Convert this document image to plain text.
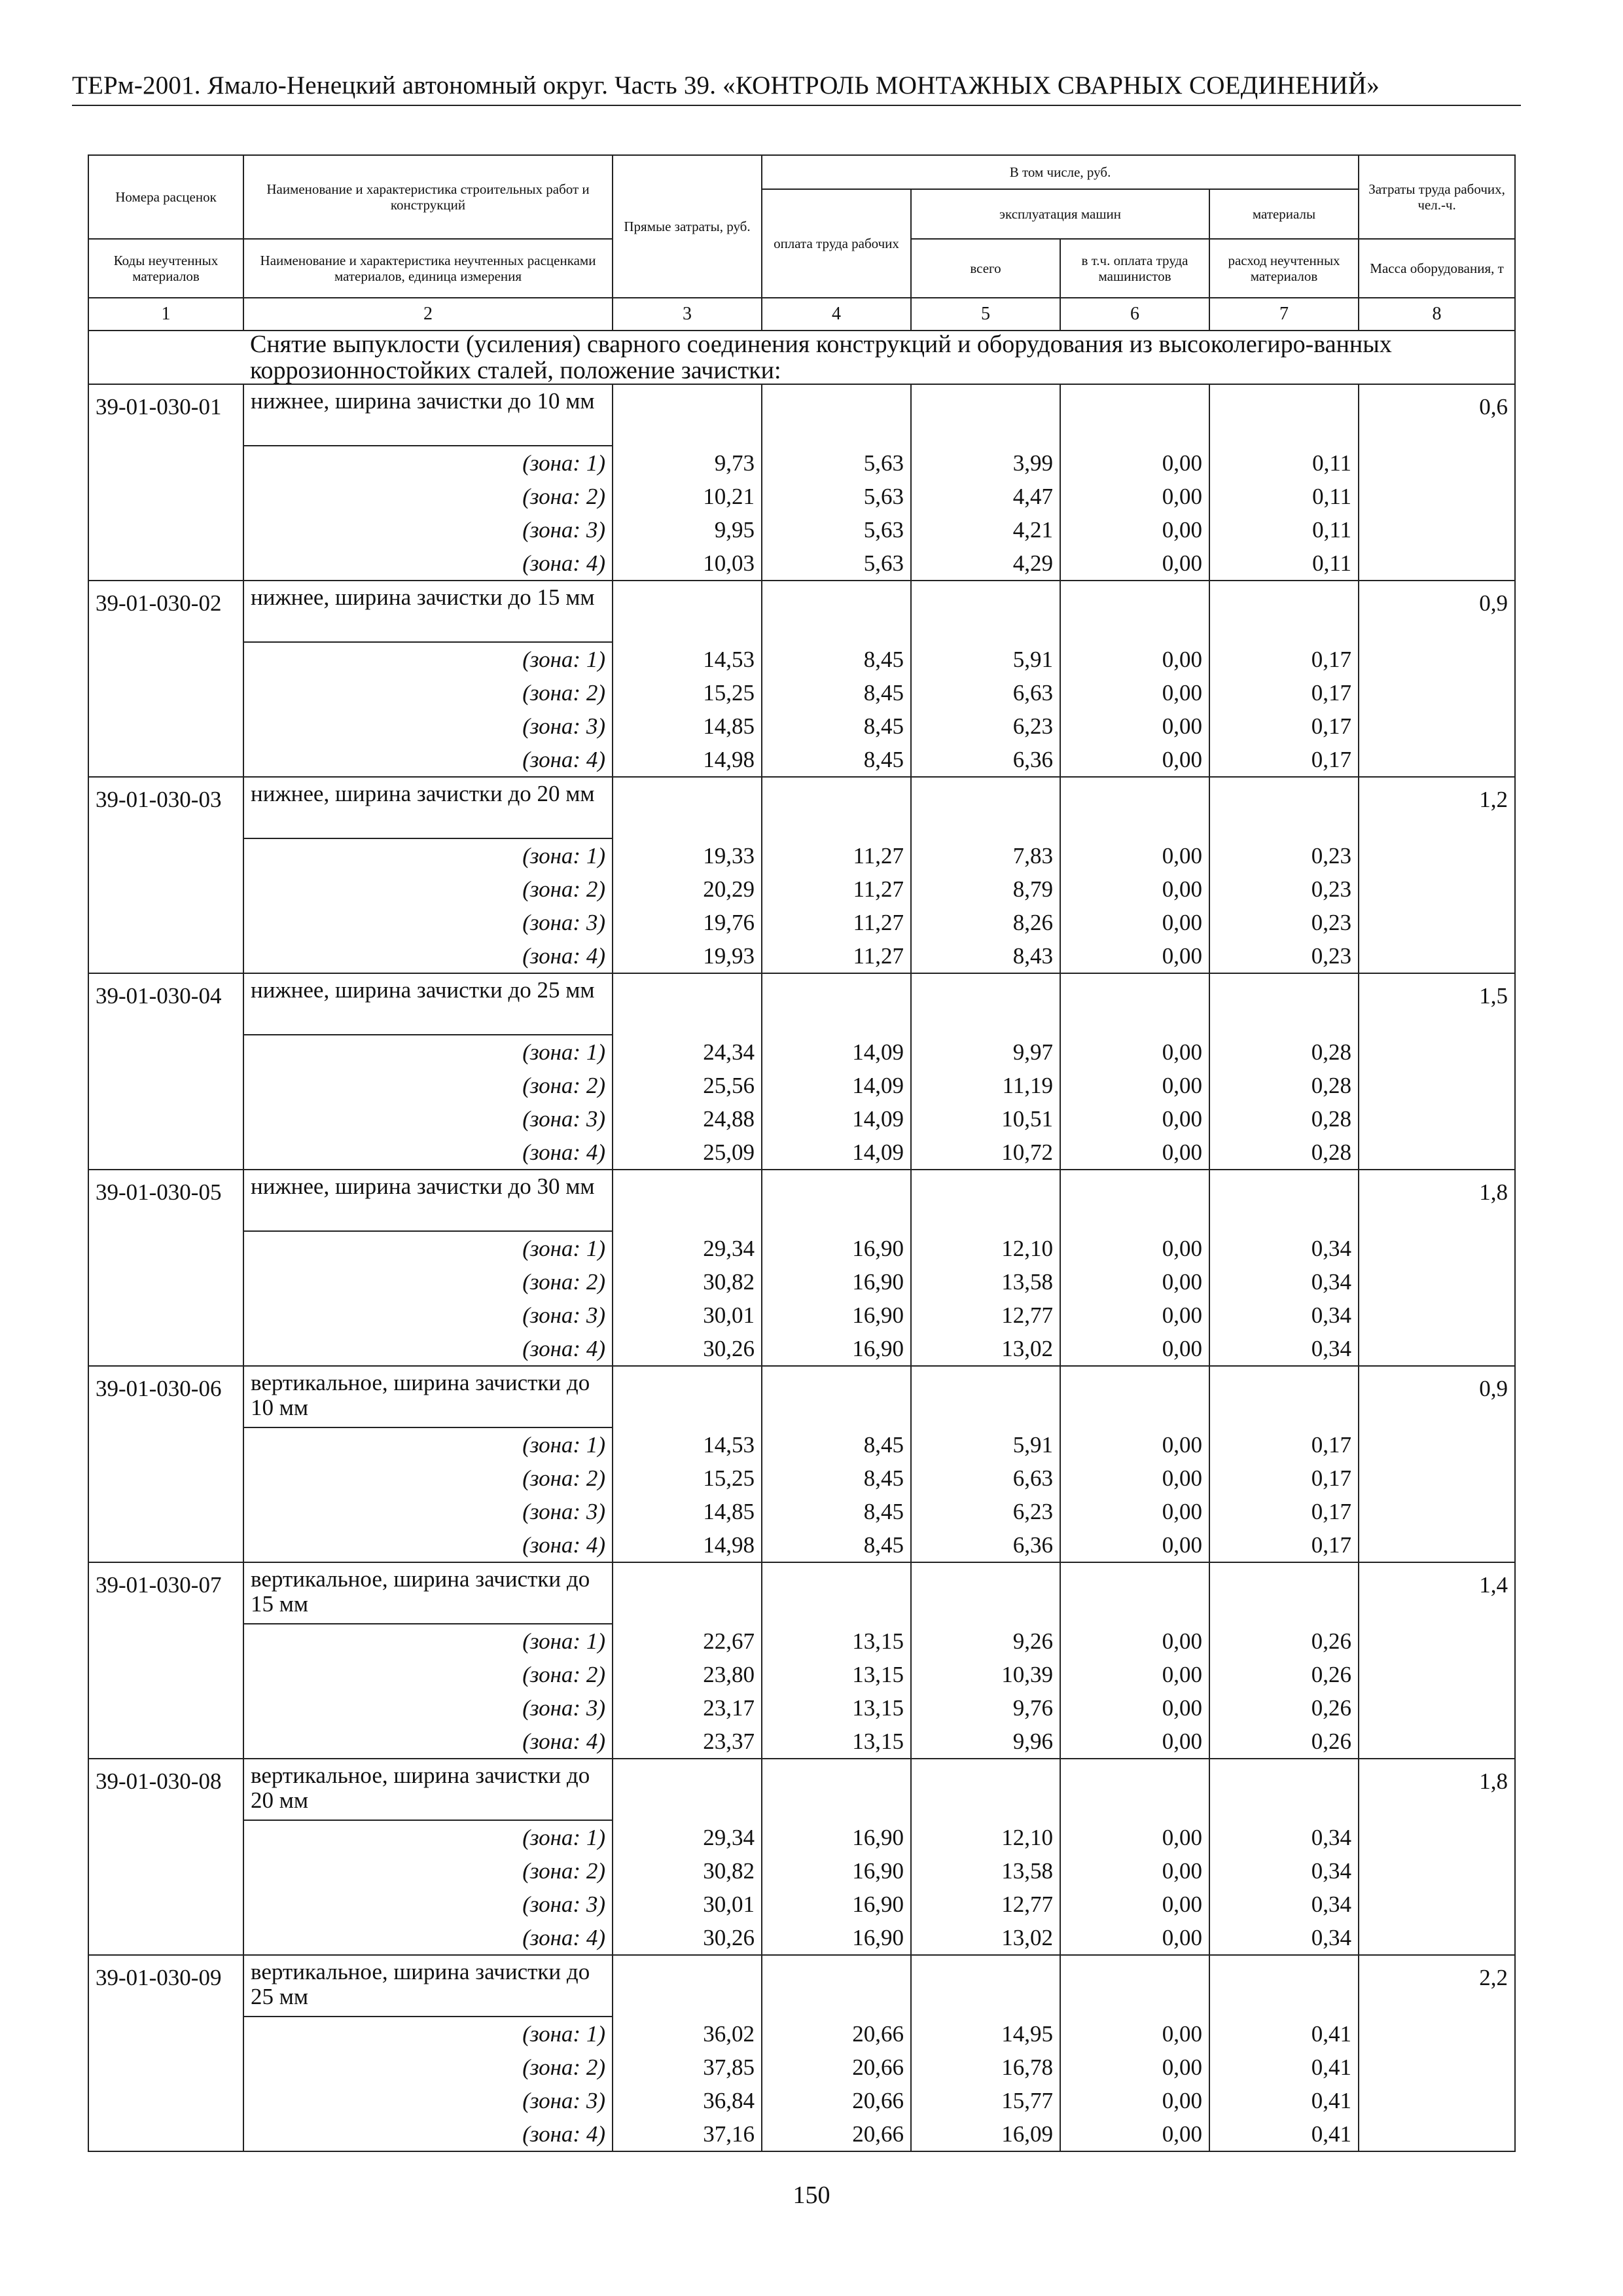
ТЕРм-2001. Ямало-Ненецкий автономный округ. Часть 39. «КОНТРОЛЬ МОНТАЖНЫХ СВАРНЫХ СОЕДИНЕНИЙ»
Номера расценок	Наименование и характеристика строительных работ и конструкций	Прямые затраты, руб.	В том числе, руб.				Затраты труда рабочих, чел.-ч.
			оплата труда рабочих	эксплуатация машин		материалы	
Коды неучтенных материалов	Наименование и характеристика неучтенных расценками материалов, единица измерения			всего	в т.ч. оплата труда машинистов	расход неучтенных материалов	Масса оборудования, т
1	2	3	4	5	6	7	8
	Снятие выпуклости (усиления) сварного соединения конструкций и оборудования из высоколегиро-ванных коррозионностойких сталей, положение зачистки:						
39-01-030-01	нижнее, ширина зачистки до 10 мм						0,6
	(зона: 1)	9,73	5,63	3,99	0,00	0,11	
	(зона: 2)	10,21	5,63	4,47	0,00	0,11	
	(зона: 3)	9,95	5,63	4,21	0,00	0,11	
	(зона: 4)	10,03	5,63	4,29	0,00	0,11	
39-01-030-02	нижнее, ширина зачистки до 15 мм						0,9
	(зона: 1)	14,53	8,45	5,91	0,00	0,17	
	(зона: 2)	15,25	8,45	6,63	0,00	0,17	
	(зона: 3)	14,85	8,45	6,23	0,00	0,17	
	(зона: 4)	14,98	8,45	6,36	0,00	0,17	
39-01-030-03	нижнее, ширина зачистки до 20 мм						1,2
	(зона: 1)	19,33	11,27	7,83	0,00	0,23	
	(зона: 2)	20,29	11,27	8,79	0,00	0,23	
	(зона: 3)	19,76	11,27	8,26	0,00	0,23	
	(зона: 4)	19,93	11,27	8,43	0,00	0,23	
39-01-030-04	нижнее, ширина зачистки до 25 мм						1,5
	(зона: 1)	24,34	14,09	9,97	0,00	0,28	
	(зона: 2)	25,56	14,09	11,19	0,00	0,28	
	(зона: 3)	24,88	14,09	10,51	0,00	0,28	
	(зона: 4)	25,09	14,09	10,72	0,00	0,28	
39-01-030-05	нижнее, ширина зачистки до 30 мм						1,8
	(зона: 1)	29,34	16,90	12,10	0,00	0,34	
	(зона: 2)	30,82	16,90	13,58	0,00	0,34	
	(зона: 3)	30,01	16,90	12,77	0,00	0,34	
	(зона: 4)	30,26	16,90	13,02	0,00	0,34	
39-01-030-06	вертикальное, ширина зачистки до 10 мм						0,9
	(зона: 1)	14,53	8,45	5,91	0,00	0,17	
	(зона: 2)	15,25	8,45	6,63	0,00	0,17	
	(зона: 3)	14,85	8,45	6,23	0,00	0,17	
	(зона: 4)	14,98	8,45	6,36	0,00	0,17	
39-01-030-07	вертикальное, ширина зачистки до 15 мм						1,4
	(зона: 1)	22,67	13,15	9,26	0,00	0,26	
	(зона: 2)	23,80	13,15	10,39	0,00	0,26	
	(зона: 3)	23,17	13,15	9,76	0,00	0,26	
	(зона: 4)	23,37	13,15	9,96	0,00	0,26	
39-01-030-08	вертикальное, ширина зачистки до 20 мм						1,8
	(зона: 1)	29,34	16,90	12,10	0,00	0,34	
	(зона: 2)	30,82	16,90	13,58	0,00	0,34	
	(зона: 3)	30,01	16,90	12,77	0,00	0,34	
	(зона: 4)	30,26	16,90	13,02	0,00	0,34	
39-01-030-09	вертикальное, ширина зачистки до 25 мм						2,2
	(зона: 1)	36,02	20,66	14,95	0,00	0,41	
	(зона: 2)	37,85	20,66	16,78	0,00	0,41	
	(зона: 3)	36,84	20,66	15,77	0,00	0,41	
	(зона: 4)	37,16	20,66	16,09	0,00	0,41	
150
